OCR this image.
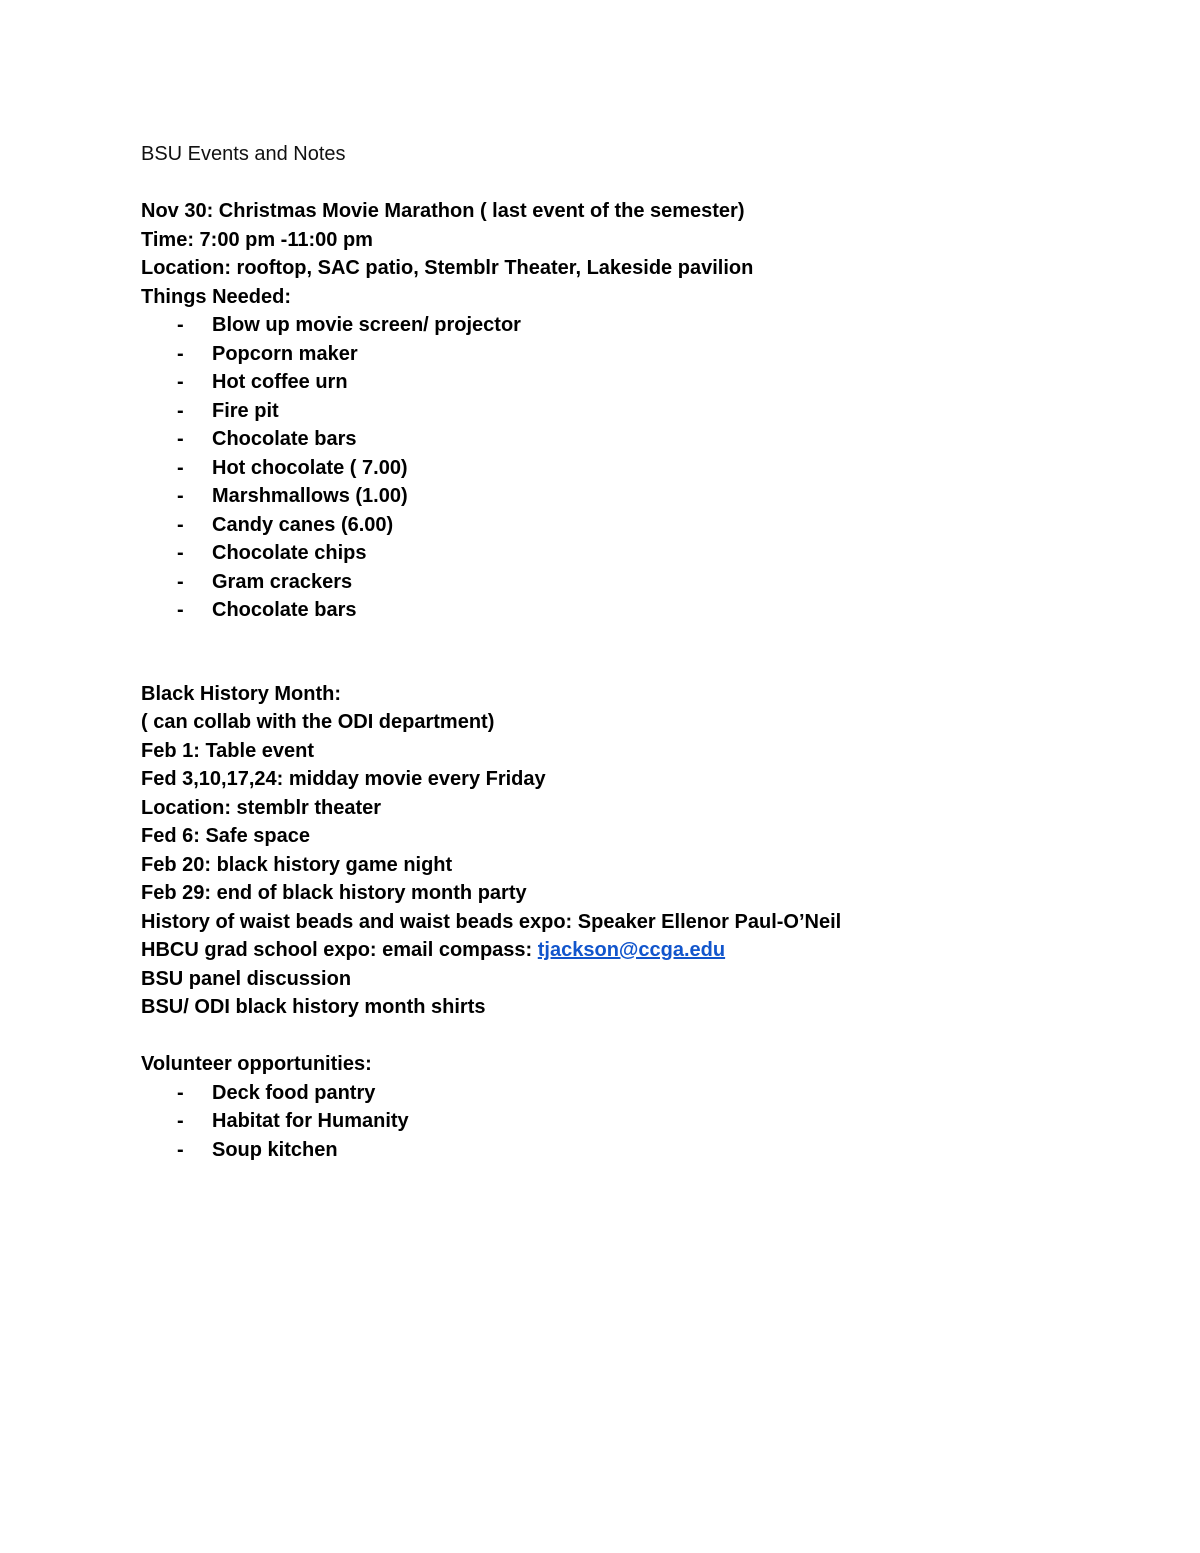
BSU Events and Notes
Nov 30: Christmas Movie Marathon ( last event of the semester)
Time: 7:00 pm -11:00 pm
Location: rooftop, SAC patio, Stemblr Theater, Lakeside pavilion
Things Needed:
- Blow up movie screen/ projector
- Popcorn maker
- Hot coffee urn
- Fire pit
- Chocolate bars
- Hot chocolate ( 7.00)
- Marshmallows (1.00)
- Candy canes (6.00)
- Chocolate chips
- Gram crackers
- Chocolate bars
Black History Month:
( can collab with the ODI department)
Feb 1: Table event
Fed 3,10,17,24: midday movie every Friday
Location: stemblr theater
Fed 6: Safe space
Feb 20: black history game night
Feb 29: end of black history month party
History of waist beads and waist beads expo: Speaker Ellenor Paul-O’Neil
HBCU grad school expo: email compass: tjackson@ccga.edu
BSU panel discussion
BSU/ ODI black history month shirts
Volunteer opportunities:
- Deck food pantry
- Habitat for Humanity
- Soup kitchen
